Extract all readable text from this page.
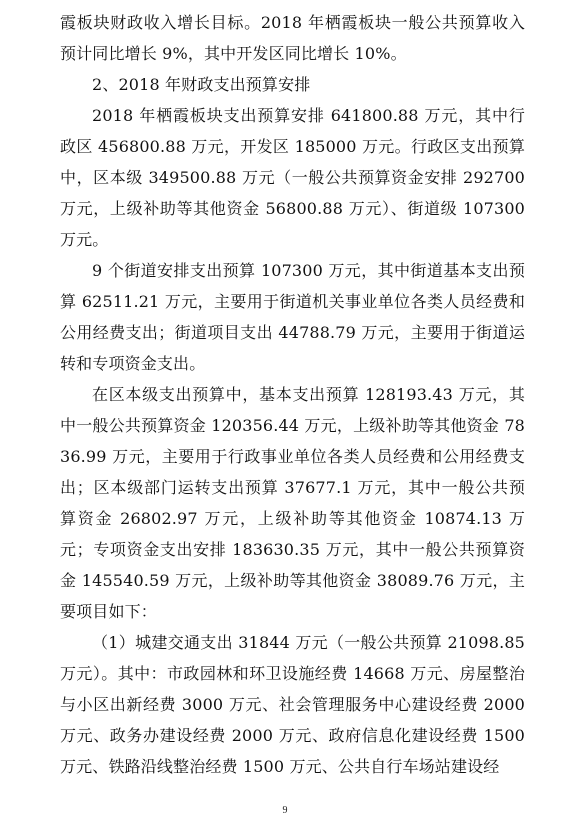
霞板块财政收入增长目标。2018 年栖霞板块一般公共预算收入预计同比增长 9%，其中开发区同比增长 10%。

2、2018 年财政支出预算安排

2018 年栖霞板块支出预算安排 641800.88 万元，其中行政区 456800.88 万元，开发区 185000 万元。行政区支出预算中，区本级 349500.88 万元（一般公共预算资金安排 292700 万元，上级补助等其他资金 56800.88 万元）、街道级 107300 万元。

9 个街道安排支出预算 107300 万元，其中街道基本支出预算 62511.21 万元，主要用于街道机关事业单位各类人员经费和公用经费支出；街道项目支出 44788.79 万元，主要用于街道运转和专项资金支出。

在区本级支出预算中，基本支出预算 128193.43 万元，其中一般公共预算资金 120356.44 万元，上级补助等其他资金 7836.99 万元，主要用于行政事业单位各类人员经费和公用经费支出；区本级部门运转支出预算 37677.1 万元，其中一般公共预算资金 26802.97 万元，上级补助等其他资金 10874.13 万元；专项资金支出安排 183630.35 万元，其中一般公共预算资金 145540.59 万元，上级补助等其他资金 38089.76 万元，主要项目如下：

（1）城建交通支出 31844 万元（一般公共预算 21098.85 万元）。其中：市政园林和环卫设施经费 14668 万元、房屋整治与小区出新经费 3000 万元、社会管理服务中心建设经费 2000 万元、政务办建设经费 2000 万元、政府信息化建设经费 1500 万元、铁路沿线整治经费 1500 万元、公共自行车场站建设经

9
